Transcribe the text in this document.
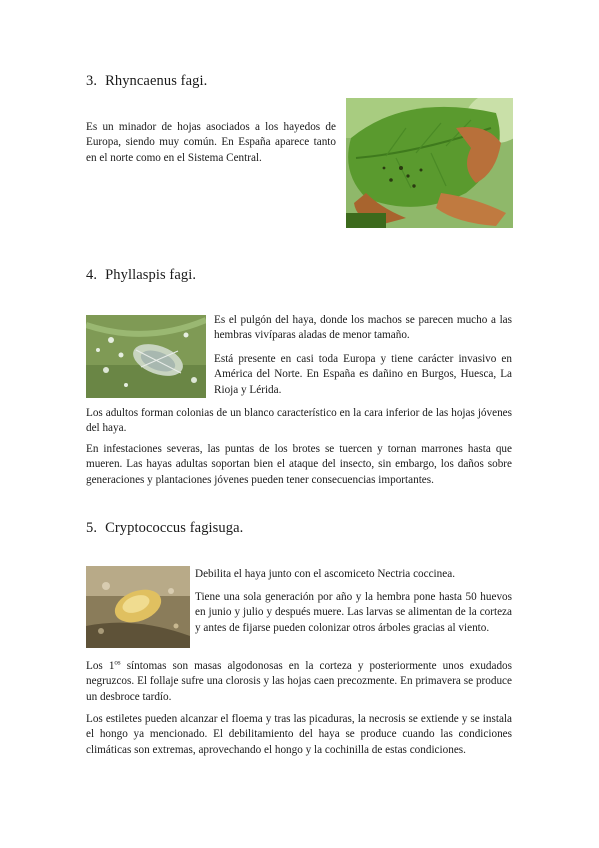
3. Rhyncaenus fagi.

Es un minador de hojas asociados a los hayedos de Europa, siendo muy común. En España aparece tanto en el norte como en el Sistema Central.

4. Phyllaspis fagi.

Es el pulgón del haya, donde los machos se parecen mucho a las hembras vivíparas aladas de menor tamaño.

Está presente en casi toda Europa y tiene carácter invasivo en América del Norte. En España es dañino en Burgos, Huesca, La Rioja y Lérida.

Los adultos forman colonias de un blanco característico en la cara inferior de las hojas jóvenes del haya.

En infestaciones severas, las puntas de los brotes se tuercen y tornan marrones hasta que mueren. Las hayas adultas soportan bien el ataque del insecto, sin embargo, los daños sobre generaciones y plantaciones jóvenes pueden tener consecuencias importantes.

5. Cryptococcus fagisuga.

Debilita el haya junto con el ascomiceto Nectria coccinea.

Tiene una sola generación por año y la hembra pone hasta 50 huevos en junio y julio y después muere. Las larvas se alimentan de la corteza y antes de fijarse pueden colonizar otros árboles gracias al viento.

Los $1^{os}$ síntomas son masas algodonosas en la corteza y posteriormente unos exudados negruzcos. El follaje sufre una clorosis y las hojas caen precozmente. En primavera se produce un desbroce tardío.

Los estiletes pueden alcanzar el floema y tras las picaduras, la necrosis se extiende y se instala el hongo ya mencionado. El debilitamiento del haya se produce cuando las condiciones climáticas son extremas, aprovechando el hongo y la cochinilla de estas condiciones.
